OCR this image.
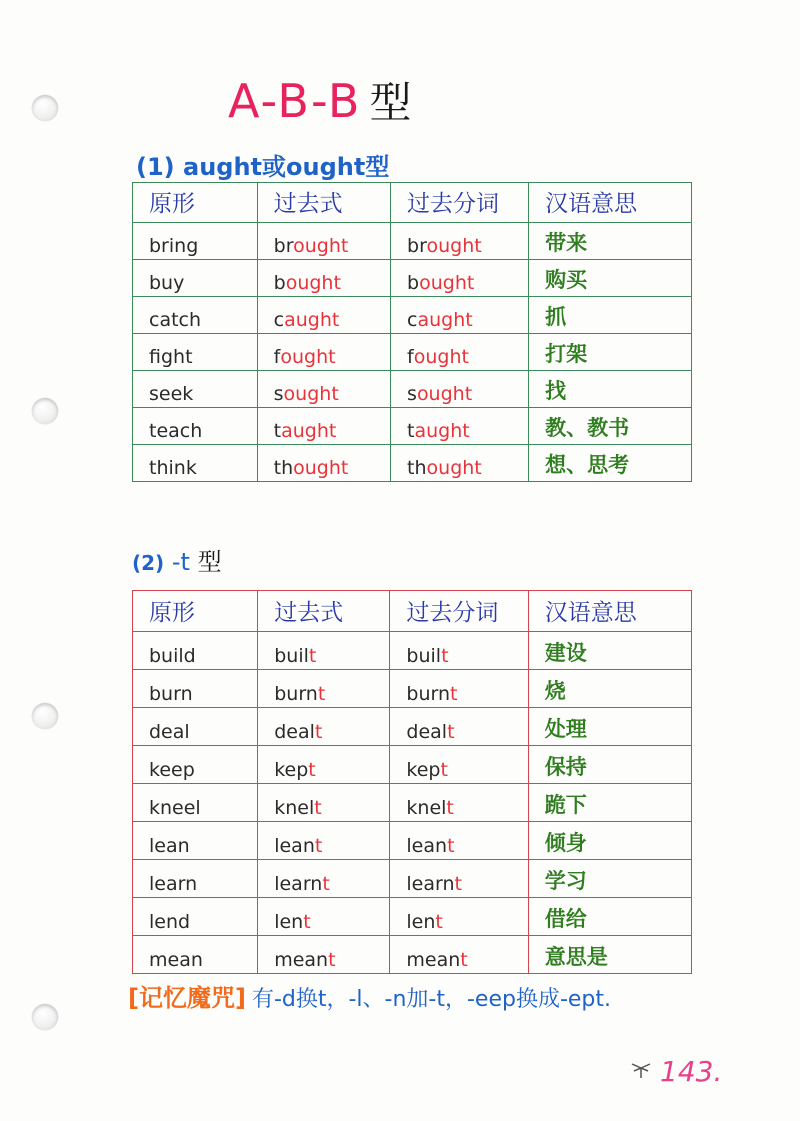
A-B-B 型
(1) aught或ought型
原形	过去式	过去分词	汉语意思
bring	brought	brought	带来
buy	bought	bought	购买
catch	caught	caught	抓
fight	fought	fought	打架
seek	sought	sought	找
teach	taught	taught	教、教书
think	thought	thought	想、思考
(2) -t 型
原形	过去式	过去分词	汉语意思
build	built	built	建设
burn	burnt	burnt	烧
deal	dealt	dealt	处理
keep	kept	kept	保持
kneel	knelt	knelt	跪下
lean	leant	leant	倾身
learn	learnt	learnt	学习
lend	lent	lent	借给
mean	meant	meant	意思是
[记忆魔咒] 有-d换t，-l、-n加-t，-eep换成-ept.
143.
